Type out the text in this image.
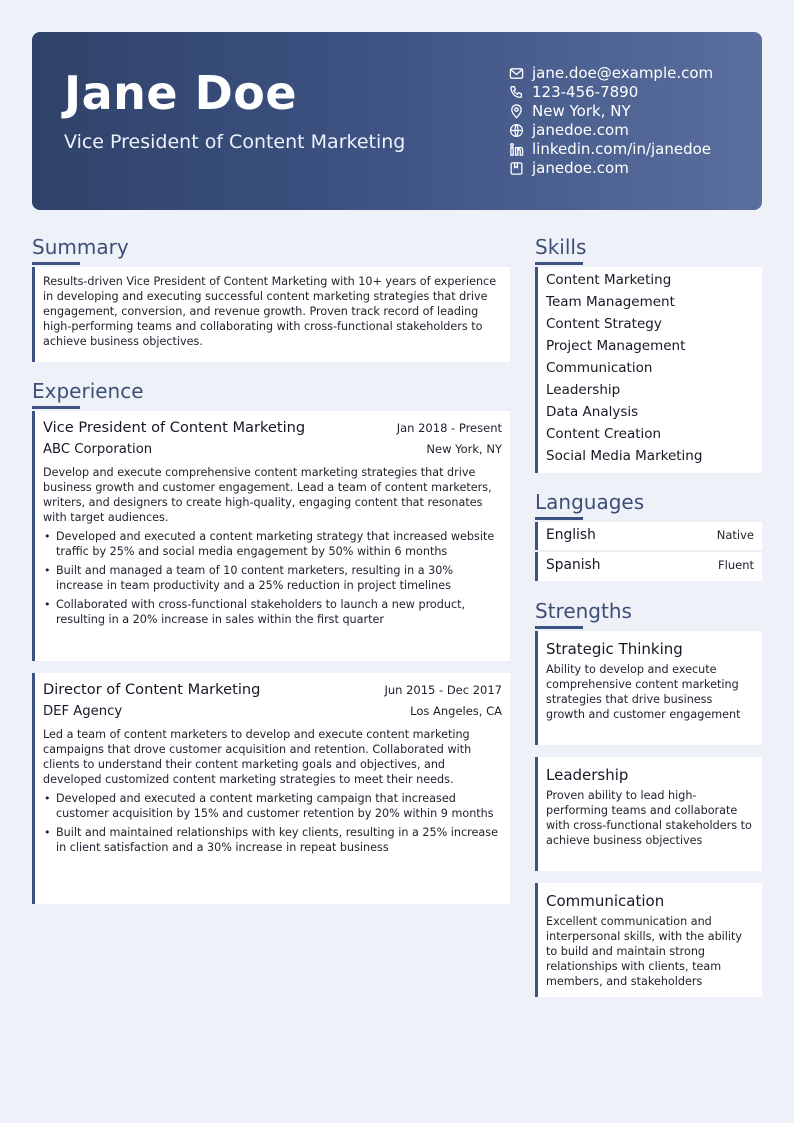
Jane Doe
Vice President of Content Marketing
jane.doe@example.com
123-456-7890
New York, NY
janedoe.com
linkedin.com/in/janedoe
janedoe.com
Summary
Results-driven Vice President of Content Marketing with 10+ years of experience in developing and executing successful content marketing strategies that drive engagement, conversion, and revenue growth. Proven track record of leading high-performing teams and collaborating with cross-functional stakeholders to achieve business objectives.
Experience
Vice President of Content Marketing	Jan 2018 - Present
ABC Corporation	New York, NY
Develop and execute comprehensive content marketing strategies that drive business growth and customer engagement. Lead a team of content marketers, writers, and designers to create high-quality, engaging content that resonates with target audiences.
• Developed and executed a content marketing strategy that increased website traffic by 25% and social media engagement by 50% within 6 months
• Built and managed a team of 10 content marketers, resulting in a 30% increase in team productivity and a 25% reduction in project timelines
• Collaborated with cross-functional stakeholders to launch a new product, resulting in a 20% increase in sales within the first quarter
Director of Content Marketing	Jun 2015 - Dec 2017
DEF Agency	Los Angeles, CA
Led a team of content marketers to develop and execute content marketing campaigns that drove customer acquisition and retention. Collaborated with clients to understand their content marketing goals and objectives, and developed customized content marketing strategies to meet their needs.
• Developed and executed a content marketing campaign that increased customer acquisition by 15% and customer retention by 20% within 9 months
• Built and maintained relationships with key clients, resulting in a 25% increase in client satisfaction and a 30% increase in repeat business
Skills
Content Marketing
Team Management
Content Strategy
Project Management
Communication
Leadership
Data Analysis
Content Creation
Social Media Marketing
Languages
English	Native
Spanish	Fluent
Strengths
Strategic Thinking
Ability to develop and execute comprehensive content marketing strategies that drive business growth and customer engagement
Leadership
Proven ability to lead high-performing teams and collaborate with cross-functional stakeholders to achieve business objectives
Communication
Excellent communication and interpersonal skills, with the ability to build and maintain strong relationships with clients, team members, and stakeholders
